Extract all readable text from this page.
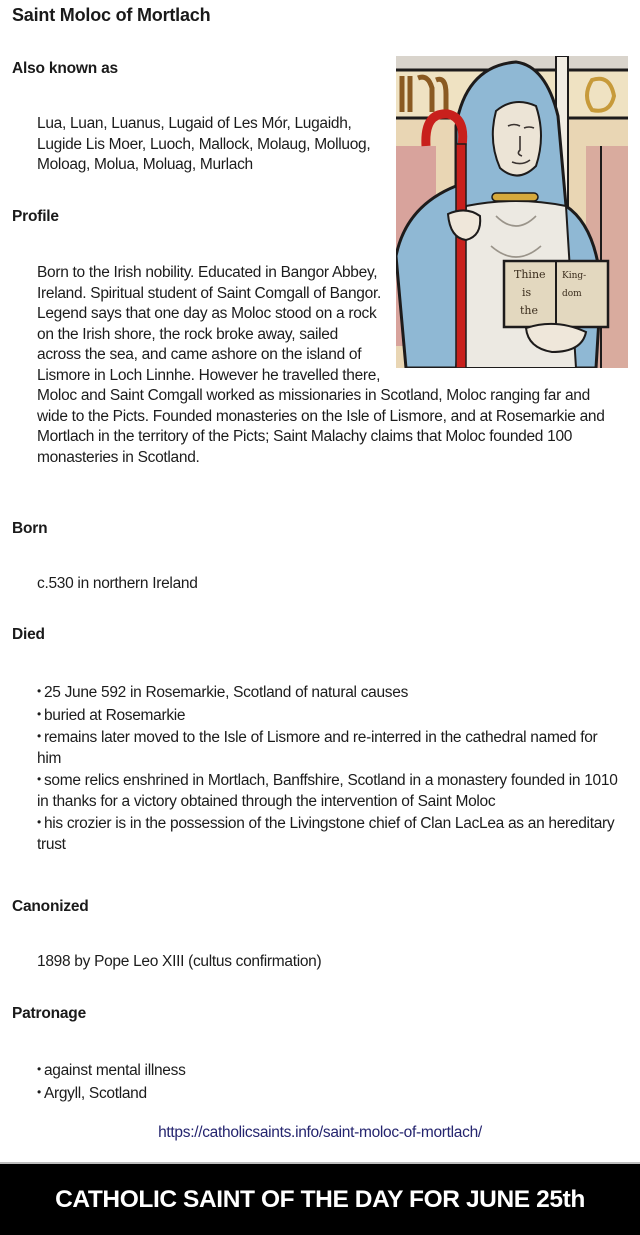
Saint Moloc of Mortlach
Thine
is
the
King-
dom
Also known as

Lua, Luan, Luanus, Lugaid of Les Mór, Lugaidh, Lugide Lis Moer, Luoch, Mallock, Molaug, Molluog, Moloag, Molua, Moluag, Murlach

Profile

Born to the Irish nobility. Educated in Bangor Abbey, Ireland. Spiritual student of Saint Comgall of Bangor. Legend says that one day as Moloc stood on a rock on the Irish shore, the rock broke away, sailed across the sea, and came ashore on the island of Lismore in Loch Linnhe. However he travelled there, Moloc and Saint Comgall worked as missionaries in Scotland, Moloc ranging far and wide to the Picts. Founded monasteries on the Isle of Lismore, and at Rosemarkie and Mortlach in the territory of the Picts; Saint Malachy claims that Moloc founded 100 monasteries in Scotland.

Born

c.530 in northern Ireland

Died
• 25 June 592 in Rosemarkie, Scotland of natural causes
• buried at Rosemarkie
• remains later moved to the Isle of Lismore and re-interred in the cathedral named for him
• some relics enshrined in Mortlach, Banffshire, Scotland in a monastery founded in 1010 in thanks for a victory obtained through the intervention of Saint Moloc
• his crozier is in the possession of the Livingstone chief of Clan LacLea as an hereditary trust
Canonized

1898 by Pope Leo XIII (cultus confirmation)

Patronage
• against mental illness
• Argyll, Scotland
https://catholicsaints.info/saint-moloc-of-mortlach/
CATHOLIC SAINT OF THE DAY FOR JUNE 25th
